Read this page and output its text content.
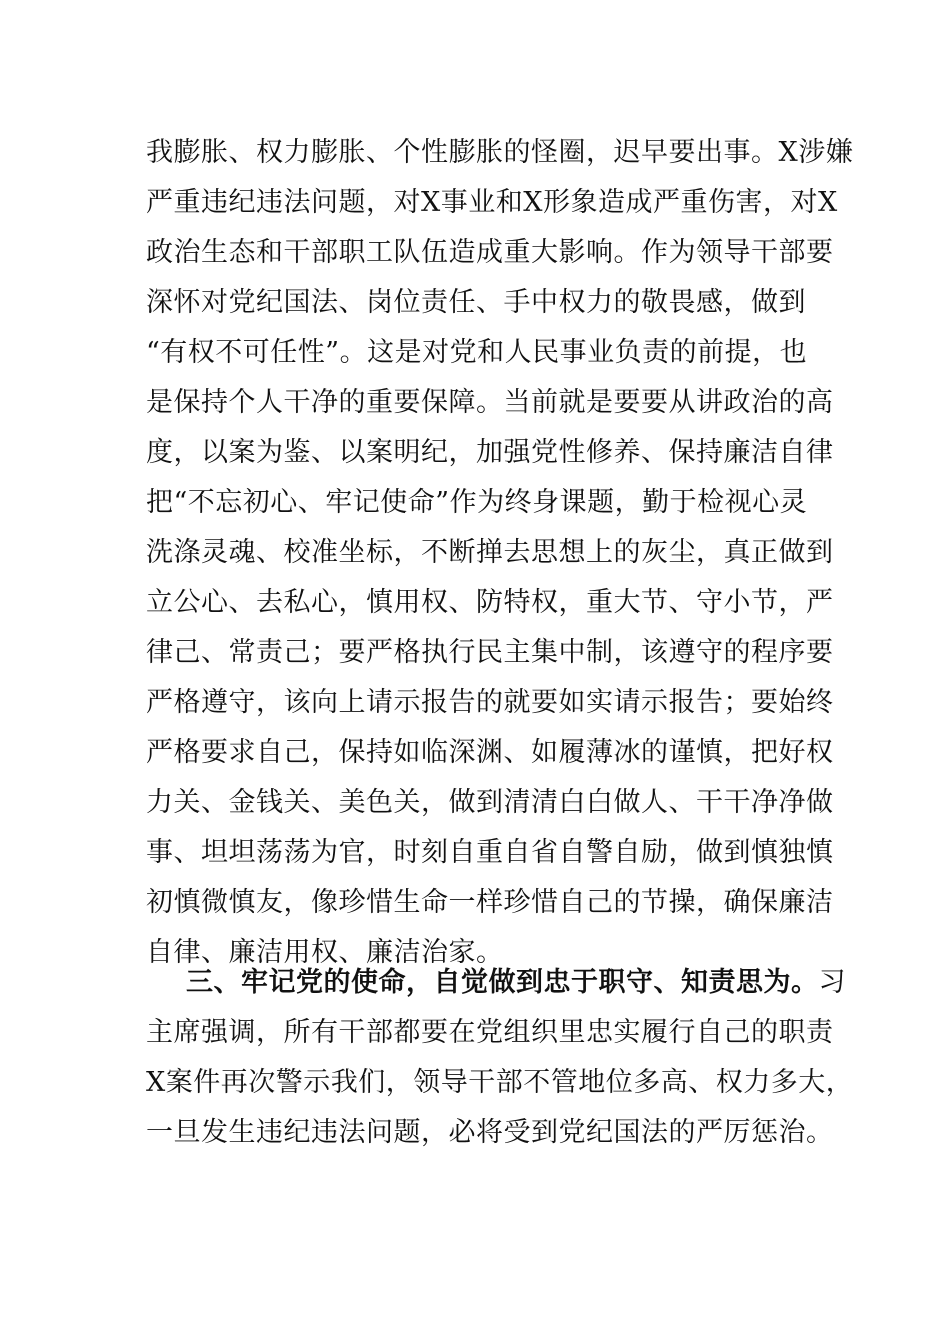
我膨胀、权力膨胀、个性膨胀的怪圈，迟早要出事。X涉嫌
严重违纪违法问题，对X事业和X形象造成严重伤害，对X
政治生态和干部职工队伍造成重大影响。作为领导干部要
深怀对党纪国法、岗位责任、手中权力的敬畏感，做到
“有权不可任性”。这是对党和人民事业负责的前提，也
是保持个人干净的重要保障。当前就是要要从讲政治的高
度，以案为鉴、以案明纪，加强党性修养、保持廉洁自律
把“不忘初心、牢记使命”作为终身课题，勤于检视心灵
洗涤灵魂、校准坐标，不断掸去思想上的灰尘，真正做到
立公心、去私心，慎用权、防特权，重大节、守小节，严
律己、常责己；要严格执行民主集中制，该遵守的程序要
严格遵守，该向上请示报告的就要如实请示报告；要始终
严格要求自己，保持如临深渊、如履薄冰的谨慎，把好权
力关、金钱关、美色关，做到清清白白做人、干干净净做
事、坦坦荡荡为官，时刻自重自省自警自励，做到慎独慎
初慎微慎友，像珍惜生命一样珍惜自己的节操，确保廉洁
自律、廉洁用权、廉洁治家。
三、牢记党的使命，自觉做到忠于职守、知责思为。习
主席强调，所有干部都要在党组织里忠实履行自己的职责
X案件再次警示我们，领导干部不管地位多高、权力多大，
一旦发生违纪违法问题，必将受到党纪国法的严厉惩治。
